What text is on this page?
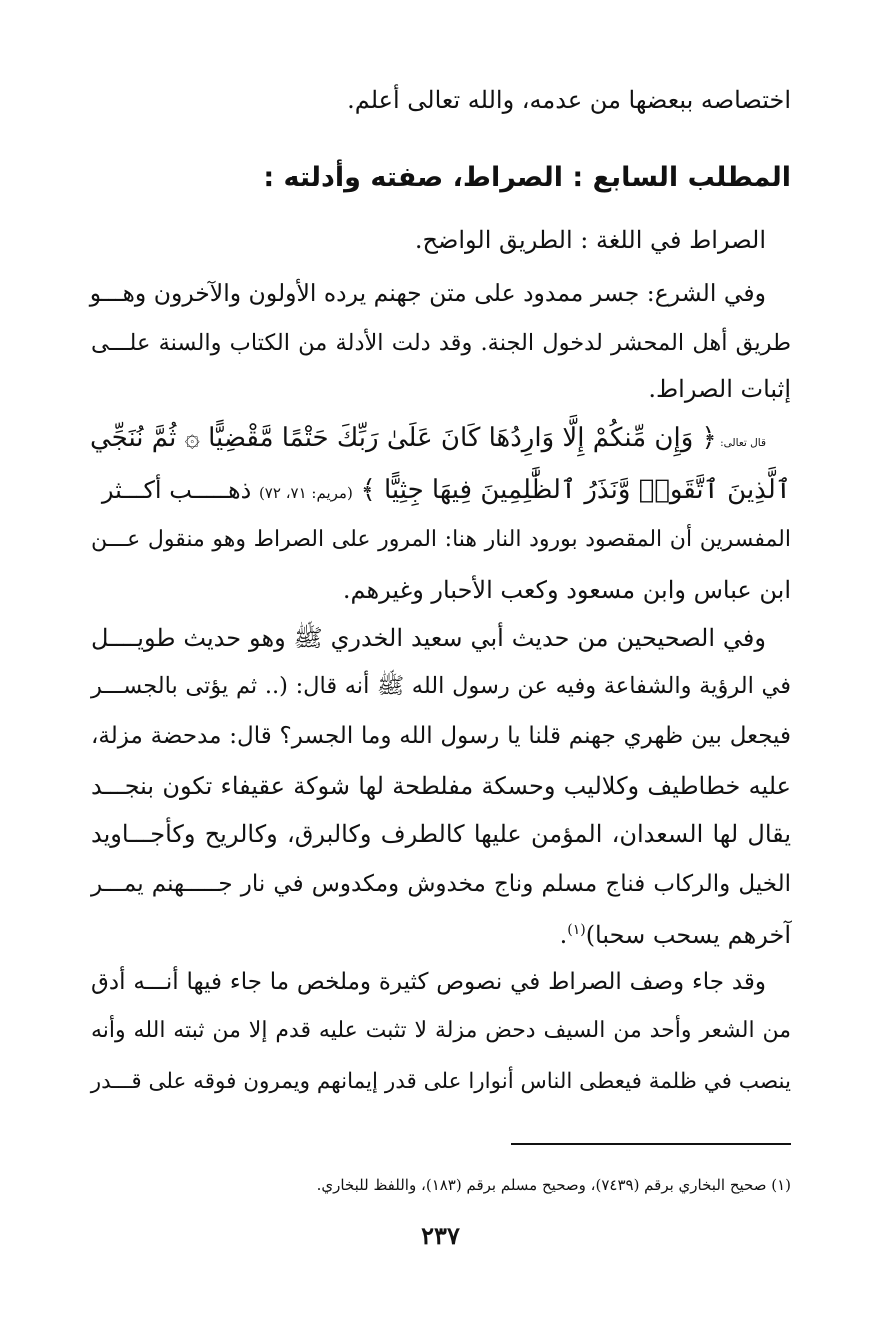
اختصاصه ببعضها من عدمه، والله تعالى أعلم.
المطلب السابع : الصراط، صفته وأدلته :
الصراط في اللغة : الطريق الواضح.
وفي الشرع: جسر ممدود على متن جهنم يرده الأولون والآخرون وهـــو
طريق أهل المحشر لدخول الجنة. وقد دلت الأدلة من الكتاب والسنة علـــى
إثبات الصراط.
قال تعالى: ﴿ وَإِن مِّنكُمْ إِلَّا وَارِدُهَا كَانَ عَلَىٰ رَبِّكَ حَتْمًا مَّقْضِيًّا ۞ ثُمَّ نُنَجِّي
ٱلَّذِينَ ٱتَّقَوا۟ وَّنَذَرُ ٱلظَّٰلِمِينَ فِيهَا جِثِيًّا ﴾ (مريم: ٧١، ٧٢) ذهـــــب أكـــثر
المفسرين أن المقصود بورود النار هنا: المرور على الصراط وهو منقول عـــن
ابن عباس وابن مسعود وكعب الأحبار وغيرهم.
وفي الصحيحين من حديث أبي سعيد الخدري ﷺ وهو حديث طويــــل
في الرؤية والشفاعة وفيه عن رسول الله ﷺ أنه قال: (.. ثم يؤتى بالجســـر
فيجعل بين ظهري جهنم قلنا يا رسول الله وما الجسر؟ قال: مدحضة مزلة،
عليه خطاطيف وكلاليب وحسكة مفلطحة لها شوكة عقيفاء تكون بنجـــد
يقال لها السعدان، المؤمن عليها كالطرف وكالبرق، وكالريح وكأجـــاويد
الخيل والركاب فناج مسلم وناج مخدوش ومكدوس في نار جـــــهنم يمـــر
آخرهم يسحب سحبا)$^{(١)}$.
وقد جاء وصف الصراط في نصوص كثيرة وملخص ما جاء فيها أنـــه أدق
من الشعر وأحد من السيف دحض مزلة لا تثبت عليه قدم إلا من ثبته الله وأنه
ينصب في ظلمة فيعطى الناس أنوارا على قدر إيمانهم ويمرون فوقه على قـــدر
(١) صحيح البخاري برقم (٧٤٣٩)، وصحيح مسلم برقم (١٨٣)، واللفظ للبخاري.
٢٣٧
